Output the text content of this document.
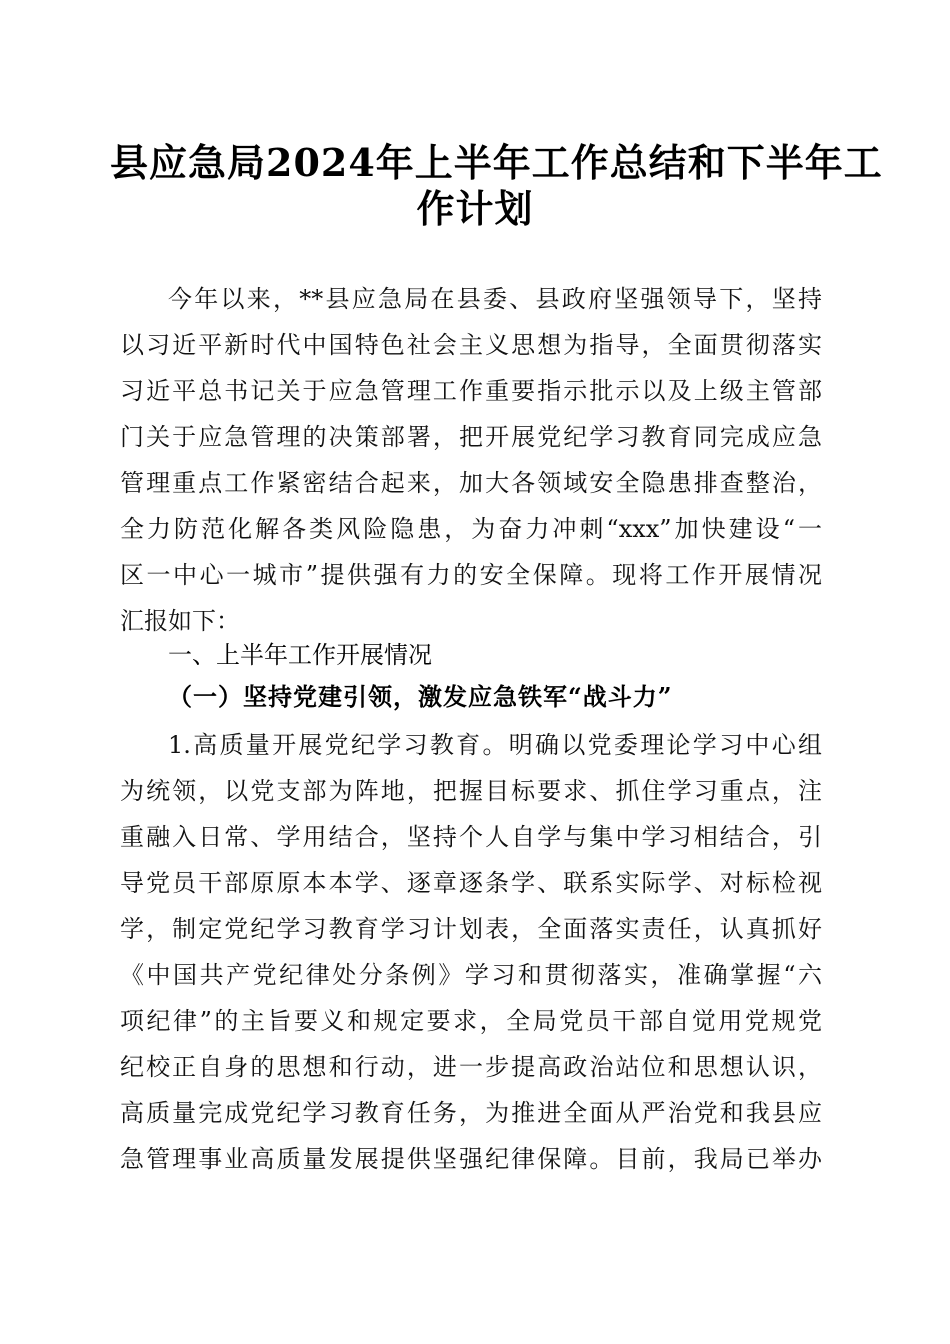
县应急局2024年上半年工作总结和下半年工
作计划
今年以来，**县应急局在县委、县政府坚强领导下，坚持
以习近平新时代中国特色社会主义思想为指导，全面贯彻落实
习近平总书记关于应急管理工作重要指示批示以及上级主管部
门关于应急管理的决策部署，把开展党纪学习教育同完成应急
管理重点工作紧密结合起来，加大各领域安全隐患排查整治，
全力防范化解各类风险隐患，为奋力冲刺“xxx”加快建设“一
区一中心一城市”提供强有力的安全保障。现将工作开展情况
汇报如下：
一、上半年工作开展情况
（一）坚持党建引领，激发应急铁军“战斗力”
1.高质量开展党纪学习教育。明确以党委理论学习中心组
为统领，以党支部为阵地，把握目标要求、抓住学习重点，注
重融入日常、学用结合，坚持个人自学与集中学习相结合，引
导党员干部原原本本学、逐章逐条学、联系实际学、对标检视
学，制定党纪学习教育学习计划表，全面落实责任，认真抓好
《中国共产党纪律处分条例》学习和贯彻落实，准确掌握“六
项纪律”的主旨要义和规定要求，全局党员干部自觉用党规党
纪校正自身的思想和行动，进一步提高政治站位和思想认识，
高质量完成党纪学习教育任务，为推进全面从严治党和我县应
急管理事业高质量发展提供坚强纪律保障。目前，我局已举办
